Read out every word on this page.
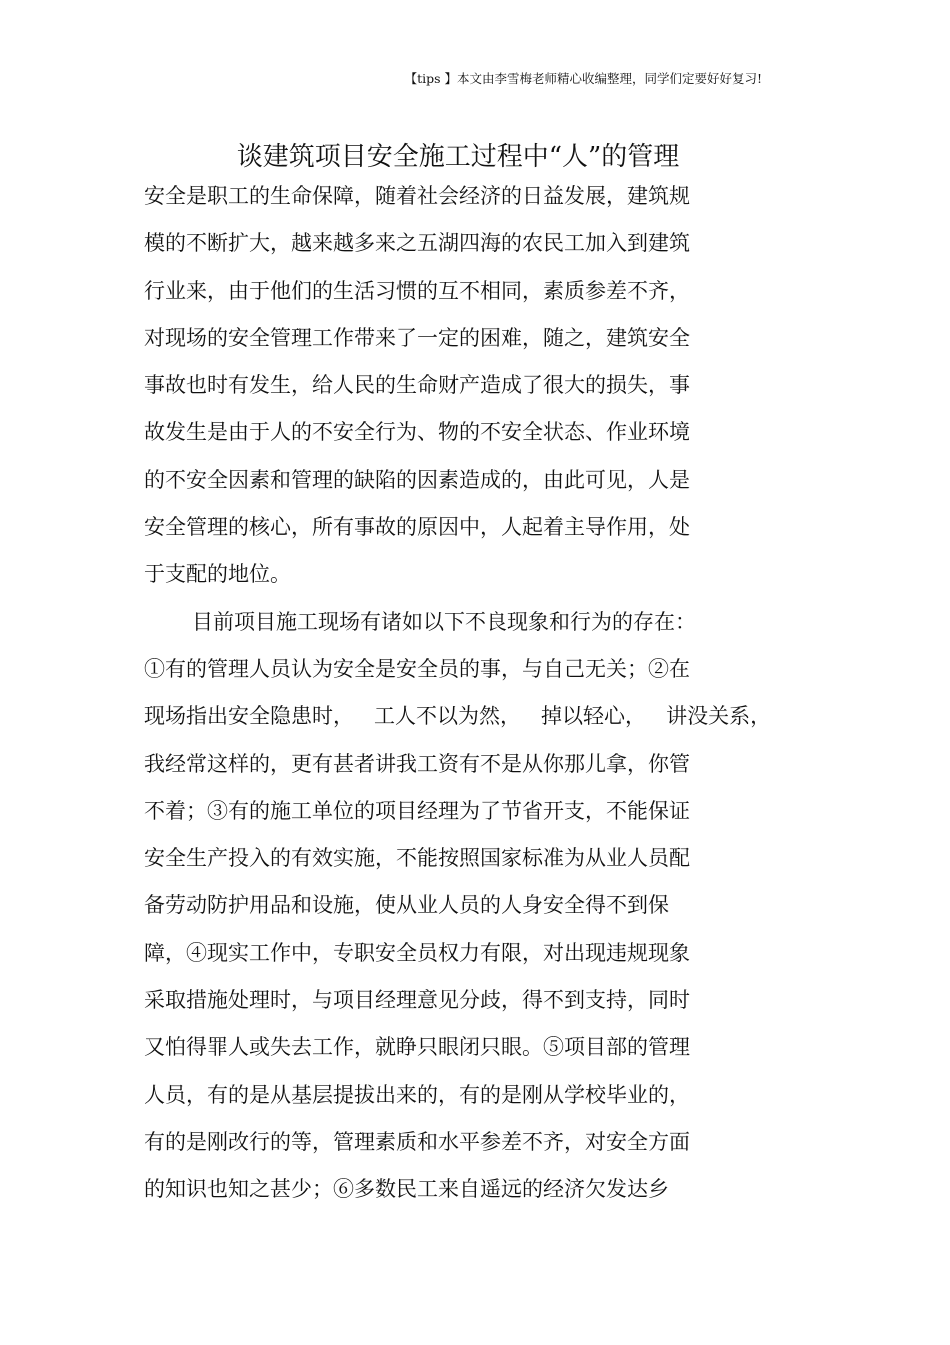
【tips 】本文由李雪梅老师精心收编整理，同学们定要好好复习!
谈建筑项目安全施工过程中“人”的管理
安全是职工的生命保障，随着社会经济的日益发展，建筑规
模的不断扩大，越来越多来之五湖四海的农民工加入到建筑
行业来，由于他们的生活习惯的互不相同，素质参差不齐，
对现场的安全管理工作带来了一定的困难，随之，建筑安全
事故也时有发生，给人民的生命财产造成了很大的损失，事
故发生是由于人的不安全行为、物的不安全状态、作业环境
的不安全因素和管理的缺陷的因素造成的，由此可见，人是
安全管理的核心，所有事故的原因中，人起着主导作用，处
于支配的地位。
目前项目施工现场有诸如以下不良现象和行为的存在：
①有的管理人员认为安全是安全员的事，与自己无关；②在
现场指出安全隐患时，   工人不以为然，   掉以轻心，   讲没关系，
我经常这样的，更有甚者讲我工资有不是从你那儿拿，你管
不着；③有的施工单位的项目经理为了节省开支，不能保证
安全生产投入的有效实施，不能按照国家标准为从业人员配
备劳动防护用品和设施，使从业人员的人身安全得不到保
障，④现实工作中，专职安全员权力有限，对出现违规现象
采取措施处理时，与项目经理意见分歧，得不到支持，同时
又怕得罪人或失去工作，就睁只眼闭只眼。⑤项目部的管理
人员，有的是从基层提拔出来的，有的是刚从学校毕业的，
有的是刚改行的等，管理素质和水平参差不齐，对安全方面
的知识也知之甚少；⑥多数民工来自遥远的经济欠发达乡
